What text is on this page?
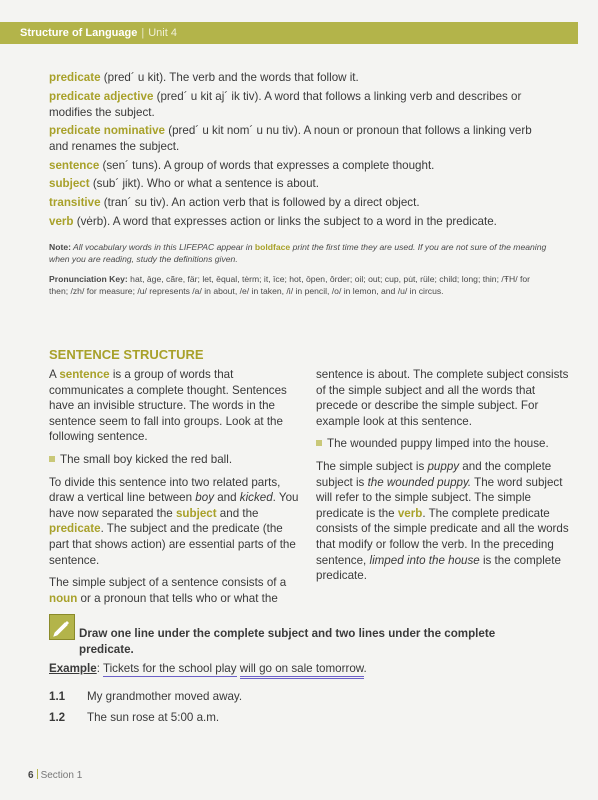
Structure of Language | Unit 4
predicate (pred´ u kit). The verb and the words that follow it.
predicate adjective (pred´ u kit aj´ ik tiv). A word that follows a linking verb and describes or modifies the subject.
predicate nominative (pred´ u kit nom´ u nu tiv). A noun or pronoun that follows a linking verb and renames the subject.
sentence (sen´ tuns). A group of words that expresses a complete thought.
subject (sub´ jikt). Who or what a sentence is about.
transitive (tran´ su tiv). An action verb that is followed by a direct object.
verb (vėrb). A word that expresses action or links the subject to a word in the predicate.
Note: All vocabulary words in this LIFEPAC appear in boldface print the first time they are used. If you are not sure of the meaning when you are reading, study the definitions given.
Pronunciation Key: hat, āge, cãre, fär; let, ēqual, tėrm; it, īce; hot, ōpen, ôrder; oil; out; cup, pu̇t, rüle; child; long; thin; /ŦH/ for then; /zh/ for measure; /u/ represents /a/ in about, /e/ in taken, /i/ in pencil, /o/ in lemon, and /u/ in circus.
SENTENCE STRUCTURE

A sentence is a group of words that communicates a complete thought. Sentences have an invisible structure. The words in the sentence seem to fall into groups. Look at the following sentence.

The small boy kicked the red ball.

To divide this sentence into two related parts, draw a vertical line between boy and kicked. You have now separated the subject and the predicate. The subject and the predicate (the part that shows action) are essential parts of the sentence.

The simple subject of a sentence consists of a noun or a pronoun that tells who or what the

sentence is about. The complete subject consists of the simple subject and all the words that precede or describe the simple subject. For example look at this sentence.

The wounded puppy limped into the house.

The simple subject is puppy and the complete subject is the wounded puppy. The word subject will refer to the simple subject. The simple predicate is the verb. The complete predicate consists of the simple predicate and all the words that modify or follow the verb. In the preceding sentence, limped into the house is the complete predicate.

Draw one line under the complete subject and two lines under the complete predicate.
Example: Tickets for the school play will go on sale tomorrow.
1.1 My grandmother moved away.
1.2 The sun rose at 5:00 a.m.
6 Section 1
